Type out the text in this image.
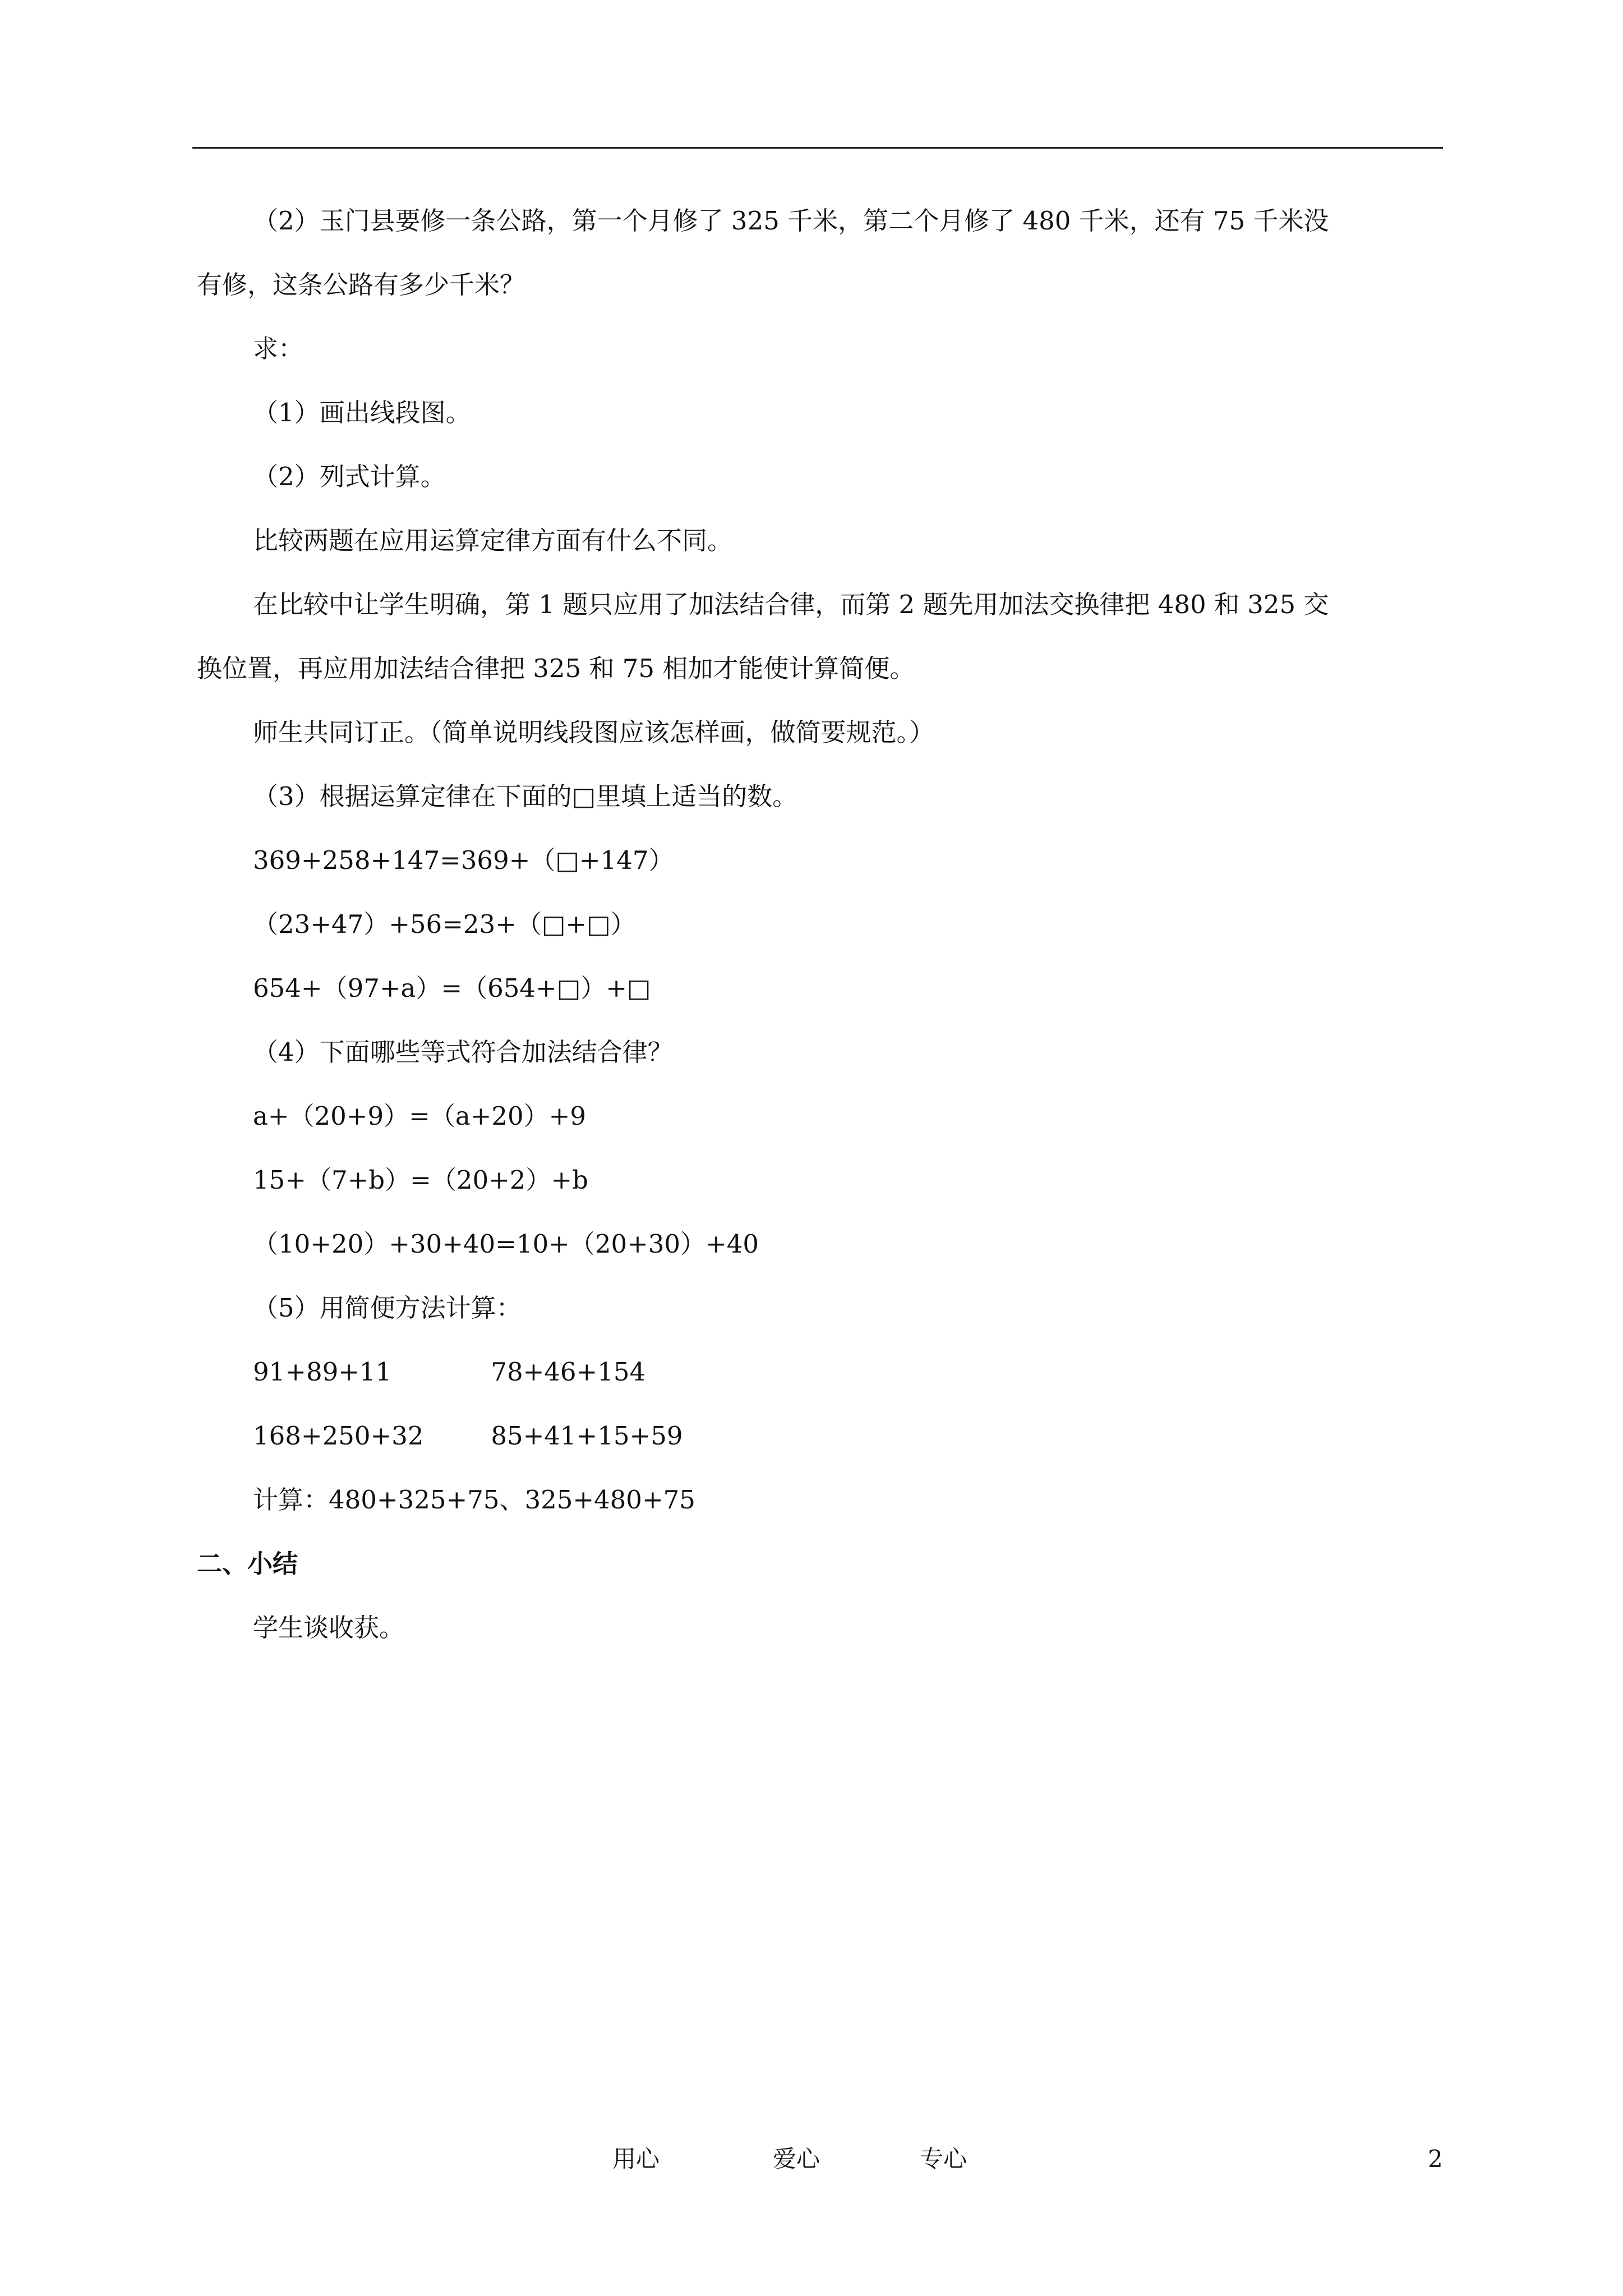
（2）玉门县要修一条公路，第一个月修了 325 千米，第二个月修了 480 千米，还有 75 千米没
有修，这条公路有多少千米？
求：
（1）画出线段图。
（2）列式计算。
比较两题在应用运算定律方面有什么不同。
在比较中让学生明确，第 1 题只应用了加法结合律，而第 2 题先用加法交换律把 480 和 325 交
换位置，再应用加法结合律把 325 和 75 相加才能使计算简便。
师生共同订正。（简单说明线段图应该怎样画，做简要规范。）
（3）根据运算定律在下面的□里填上适当的数。
369+258+147=369+（□+147）
（23+47）+56=23+（□+□）
654+（97+a）=（654+□）+□
（4）下面哪些等式符合加法结合律？
a+（20+9）=（a+20）+9
15+（7+b）=（20+2）+b
（10+20）+30+40=10+（20+30）+40
（5）用简便方法计算：
91+89+11	78+46+154
168+250+32	85+41+15+59
计算：480+325+75、325+480+75
二、小结
学生谈收获。
用心	爱心	专心	2
